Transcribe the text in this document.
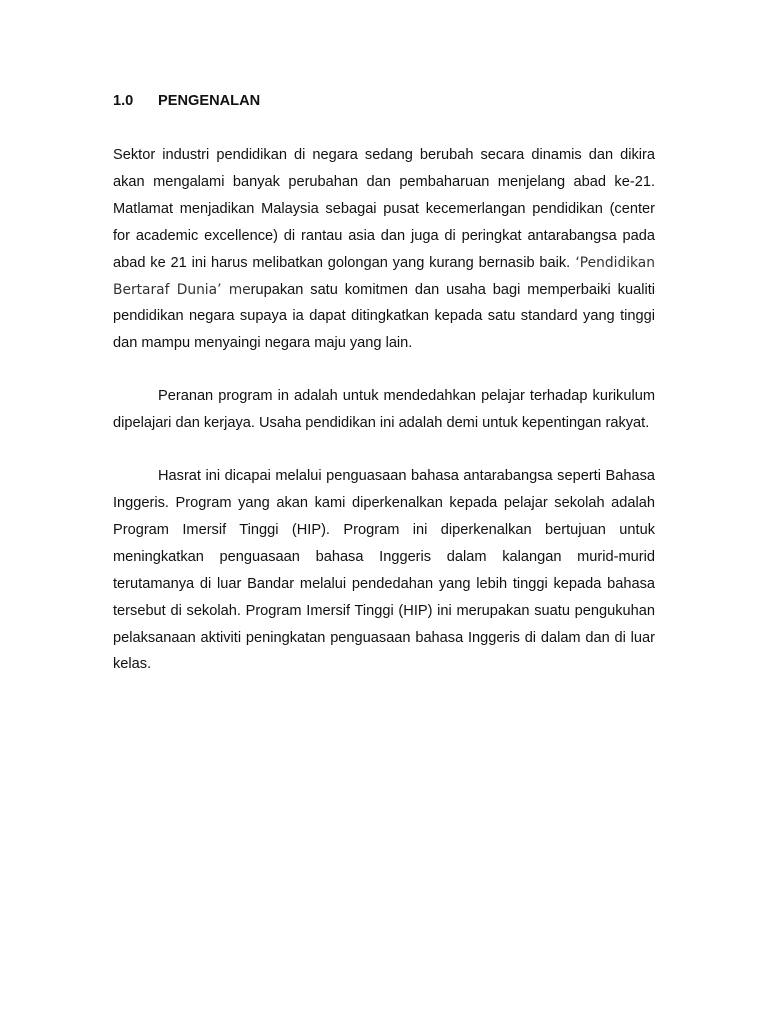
1.0 PENGENALAN

Sektor industri pendidikan di negara sedang berubah secara dinamis dan dikira akan mengalami banyak perubahan dan pembaharuan menjelang abad ke-21. Matlamat menjadikan Malaysia sebagai pusat kecemerlangan pendidikan (center for academic excellence) di rantau asia dan juga di peringkat antarabangsa pada abad ke 21 ini harus melibatkan golongan yang kurang bernasib baik. ‘Pendidikan Bertaraf Dunia’ merupakan satu komitmen dan usaha bagi memperbaiki kualiti pendidikan negara supaya ia dapat ditingkatkan kepada satu standard yang tinggi dan mampu menyaingi negara maju yang lain.

Peranan program in adalah untuk mendedahkan pelajar terhadap kurikulum dipelajari dan kerjaya. Usaha pendidikan ini adalah demi untuk kepentingan rakyat.

Hasrat ini dicapai melalui penguasaan bahasa antarabangsa seperti Bahasa Inggeris. Program yang akan kami diperkenalkan kepada pelajar sekolah adalah Program Imersif Tinggi (HIP). Program ini diperkenalkan bertujuan untuk meningkatkan penguasaan bahasa Inggeris dalam kalangan murid-murid terutamanya di luar Bandar melalui pendedahan yang lebih tinggi kepada bahasa tersebut di sekolah. Program Imersif Tinggi (HIP) ini merupakan suatu pengukuhan pelaksanaan aktiviti peningkatan penguasaan bahasa Inggeris di dalam dan di luar kelas.
